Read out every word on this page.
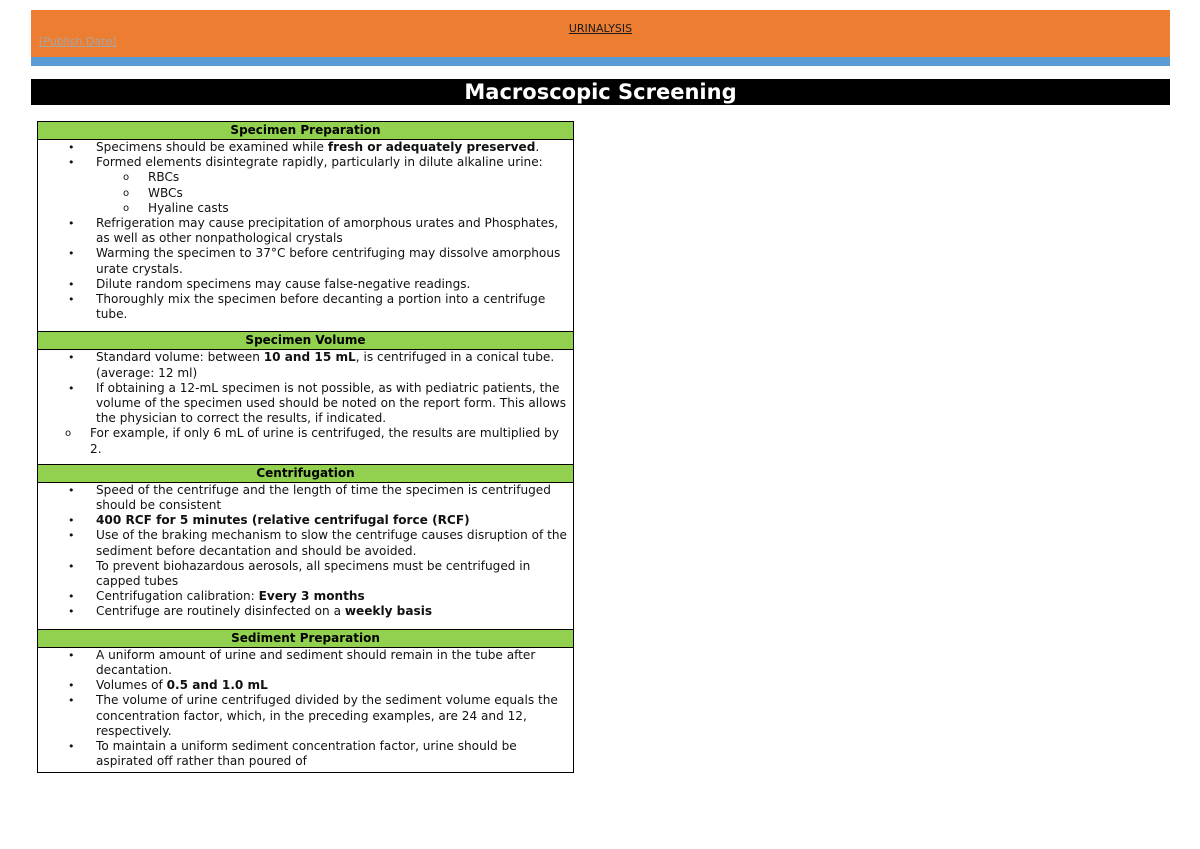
URINALYSIS
[Publish Date]
Macroscopic Screening
Specimen Preparation

• Specimens should be examined while fresh or adequately preserved.
• Formed elements disintegrate rapidly, particularly in dilute alkaline urine:
o RBCs
o WBCs
o Hyaline casts
• Refrigeration may cause precipitation of amorphous urates and Phosphates, as well as other nonpathological crystals
• Warming the specimen to 37°C before centrifuging may dissolve amorphous urate crystals.
• Dilute random specimens may cause false-negative readings.
• Thoroughly mix the specimen before decanting a portion into a centrifuge tube.

Specimen Volume

• Standard volume: between 10 and 15 mL, is centrifuged in a conical tube. (average: 12 ml)
• If obtaining a 12-mL specimen is not possible, as with pediatric patients, the volume of the specimen used should be noted on the report form. This allows the physician to correct the results, if indicated.
o For example, if only 6 mL of urine is centrifuged, the results are multiplied by 2.

Centrifugation

• Speed of the centrifuge and the length of time the specimen is centrifuged should be consistent
• 400 RCF for 5 minutes (relative centrifugal force (RCF)
• Use of the braking mechanism to slow the centrifuge causes disruption of the sediment before decantation and should be avoided.
• To prevent biohazardous aerosols, all specimens must be centrifuged in capped tubes
• Centrifugation calibration: Every 3 months
• Centrifuge are routinely disinfected on a weekly basis

Sediment Preparation

• A uniform amount of urine and sediment should remain in the tube after decantation.
• Volumes of 0.5 and 1.0 mL
• The volume of urine centrifuged divided by the sediment volume equals the concentration factor, which, in the preceding examples, are 24 and 12, respectively.
• To maintain a uniform sediment concentration factor, urine should be aspirated off rather than poured of
